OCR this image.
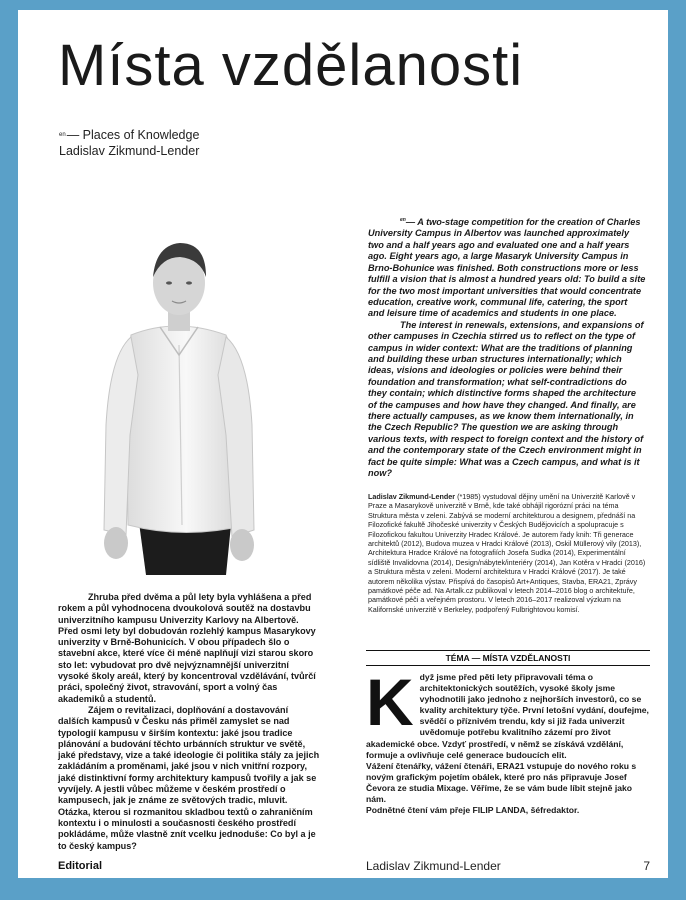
Místa vzdělanosti
$^{en}$— Places of Knowledge
Ladislav Zikmund-Lender

$^{en}$— A two-stage competition for the creation of Charles University Campus in Albertov was launched approximately two and a half years ago and evaluated one and a half years ago. Eight years ago, a large Masaryk University Campus in Brno-Bohunice was finished. Both constructions more or less fulfill a vision that is almost a hundred years old: To build a site for the two most important universities that would concentrate education, creative work, communal life, catering, the sport and leisure time of academics and students in one place.

The interest in renewals, extensions, and expansions of other campuses in Czechia stirred us to reflect on the type of campus in wider context: What are the traditions of planning and building these urban structures internationally; which ideas, visions and ideologies or policies were behind their foundation and transformation; what self-contradictions do they contain; which distinctive forms shaped the architecture of the campuses and how have they changed. And finally, are there actually campuses, as we know them internationally, in the Czech Republic? The question we are asking through various texts, with respect to foreign context and the history of and the contemporary state of the Czech environment might in fact be quite simple: What was a Czech campus, and what is it now?

Ladislav Zikmund-Lender (*1985) vystudoval dějiny umění na Univerzitě Karlově v Praze a Masarykově univerzitě v Brně, kde také obhájil rigorózní práci na téma Struktura města v zeleni. Zabývá se moderní architekturou a designem, přednáší na Filozofické fakultě Jihočeské univerzity v Českých Budějovicích a spolupracuje s Filozofickou fakultou Univerzity Hradec Králové. Je autorem řady knih: Tři generace architektů (2012), Budova muzea v Hradci Králové (2013), Oskil Müllerový vily (2013), Architektura Hradce Králové na fotografiích Josefa Sudka (2014), Experimentální sídliště Invalidovna (2014), Design/nábytek/interiéry (2014), Jan Kotěra v Hradci (2016) a Struktura města v zeleni. Moderní architektura v Hradci Králové (2017). Je také autorem několika výstav. Přispívá do časopisů Art+Antiques, Stavba, ERA21, Zprávy památkové péče ad. Na Artalk.cz publikoval v letech 2014–2016 blog o architektuře, památkové péči a veřejném prostoru. V letech 2016–2017 realizoval výzkum na Kalifornské univerzitě v Berkeley, podpořený Fulbrightovou komisí.

Zhruba před dvěma a půl lety byla vyhlášena a před rokem a půl vyhodnocena dvoukolová soutěž na dostavbu univerzitního kampusu Univerzity Karlovy na Albertově. Před osmi lety byl dobudován rozlehlý kampus Masarykovy univerzity v Brně-Bohunicích. V obou případech šlo o stavební akce, které více či méně naplňují vizi starou skoro sto let: vybudovat pro dvě nejvýznamnější univerzitní vysoké školy areál, který by koncentroval vzdělávání, tvůrčí práci, společný život, stravování, sport a volný čas akademiků a studentů.

Zájem o revitalizaci, doplňování a dostavování dalších kampusů v Česku nás přiměl zamyslet se nad typologií kampusu v širším kontextu: jaké jsou tradice plánování a budování těchto urbánních struktur ve světě, jaké představy, vize a také ideologie či politika stály za jejich zakládáním a proměnami, jaké jsou v nich vnitřní rozpory, jaké distinktivní formy architektury kampusů tvořily a jak se vyvíjely. A jestli vůbec můžeme v českém prostředí o kampusech, jak je známe ze světových tradic, mluvit. Otázka, kterou si rozmanitou skladbou textů o zahraničním kontextu i o minulosti a současnosti českého prostředí pokládáme, může vlastně znít vcelku jednoduše: Co byl a je to český kampus?

TÉMA — MÍSTA VZDĚLANOSTI
K dyž jsme před pěti lety připravovali téma o architektonických soutěžích, vysoké školy jsme vyhodnotili jako jednoho z nejhorších investorů, co se kvality architektury týče. První letošní vydání, doufejme, svědčí o příznivém trendu, kdy si již řada univerzit uvědomuje potřebu kvalitního zázemí pro život akademické obce. Vzdyť prostředí, v němž se získává vzdělání, formuje a ovlivňuje celé generace budoucích elit.
Vážení čtenářky, vážení čtenáři, ERA21 vstupuje do nového roku s novým grafickým pojetím obálek, které pro nás připravuje Josef Čevora ze studia Mixage. Věříme, že se vám bude líbit stejně jako nám.
Podnětné čtení vám přeje FILIP LANDA, šéfredaktor.
Editorial	Ladislav Zikmund-Lender	7
